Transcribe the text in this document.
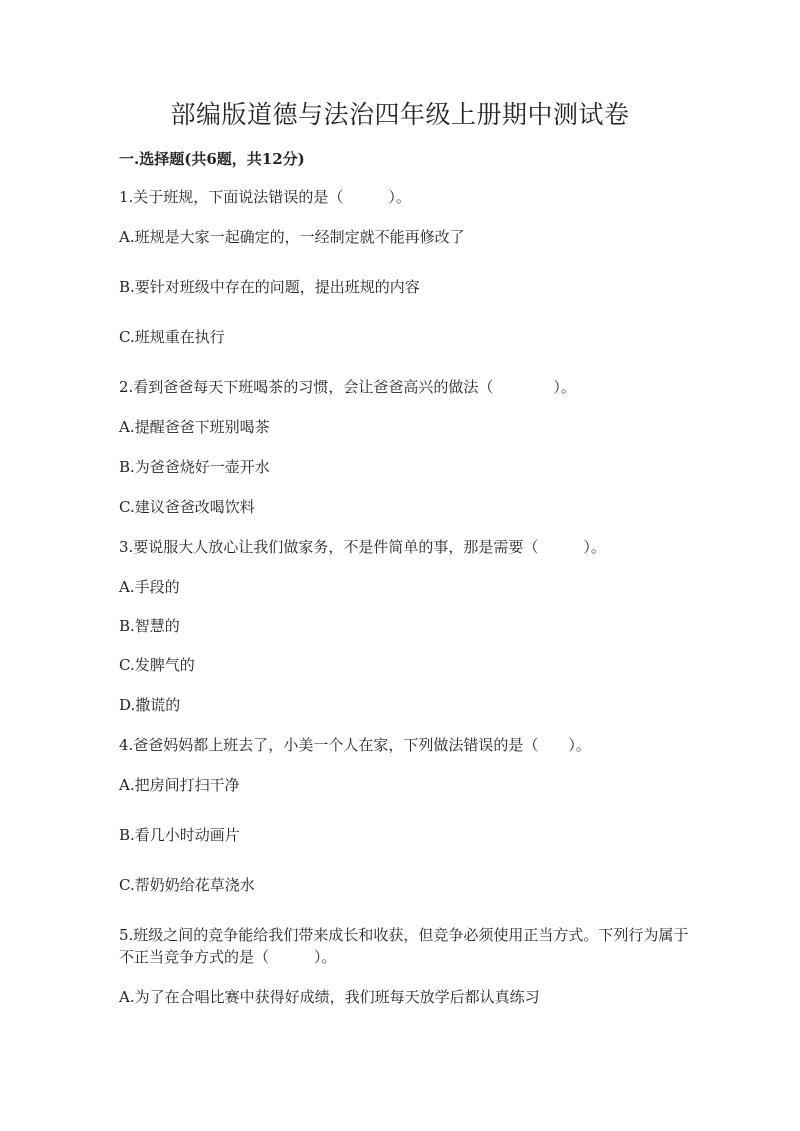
部编版道德与法治四年级上册期中测试卷
一.选择题(共6题，共12分)
1.关于班规，下面说法错误的是（　　　）。
A.班规是大家一起确定的，一经制定就不能再修改了
B.要针对班级中存在的问题，提出班规的内容
C.班规重在执行
2.看到爸爸每天下班喝茶的习惯，会让爸爸高兴的做法（　　　　）。
A.提醒爸爸下班别喝茶
B.为爸爸烧好一壶开水
C.建议爸爸改喝饮料
3.要说服大人放心让我们做家务，不是件简单的事，那是需要（　　　）。
A.手段的
B.智慧的
C.发脾气的
D.撒谎的
4.爸爸妈妈都上班去了，小美一个人在家，下列做法错误的是（　　）。
A.把房间打扫干净
B.看几小时动画片
C.帮奶奶给花草浇水
5.班级之间的竞争能给我们带来成长和收获，但竞争必须使用正当方式。下列行为属于不正当竞争方式的是（　　　）。
A.为了在合唱比赛中获得好成绩，我们班每天放学后都认真练习
